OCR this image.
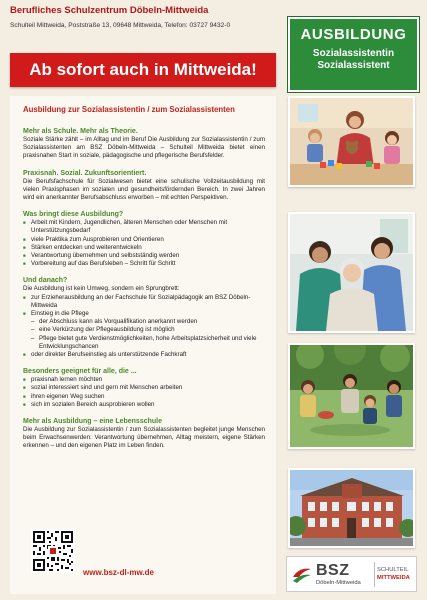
Berufliches Schulzentrum Döbeln-Mittweida
Schulteil Mittweida, Poststraße 13, 09648 Mittweida, Telefon: 03727 9432-0
Ab sofort auch in Mittweida!
AUSBILDUNG
Sozialassistentin
Sozialassistent
Ausbildung zur Sozialassistentin / zum Sozialassistenten
Mehr als Schule. Mehr als Theorie.
Soziale Stärke zählt – im Alltag und im Beruf Die Ausbildung zur Sozialassistentin / zum Sozialassistenten am BSZ Döbeln-Mittweida – Schulteil Mittweida bietet einen praxisnahen Start in soziale, pädagogische und pflegerische Berufsfelder.
Praxisnah. Sozial. Zukunftsorientiert.
Die Berufsfachschule für Sozialwesen bietet eine schulische Vollzeitausbildung mit vielen Praxisphasen im sozialen und gesundheitsfördernden Bereich. In zwei Jahren wird ein anerkannter Berufsabschluss erworben – mit echten Perspektiven.
Was bringt diese Ausbildung?
■ Arbeit mit Kindern, Jugendlichen, älteren Menschen oder Menschen mit Unterstützungsbedarf
■ viele Praktika zum Ausprobieren und Orientieren
■ Stärken entdecken und weiterentwickeln
■ Verantwortung übernehmen und selbstständig werden
■ Vorbereitung auf das Berufsleben – Schritt für Schritt
Und danach?
Die Ausbildung ist kein Umweg, sondern ein Sprungbrett:
■ zur Erzieherausbildung an der Fachschule für Sozialpädagogik am BSZ Döbeln-Mittweida
■ Einstieg in die Pflege
– der Abschluss kann als Vorqualifikation anerkannt werden
– eine Verkürzung der Pflegeausbildung ist möglich
– Pflege bietet gute Verdienstmöglichkeiten, hohe Arbeitsplatzsicherheit und viele Entwicklungschancen
■ oder direkter Berufseinstieg als unterstützende Fachkraft
Besonders geeignet für alle, die ...
■ praxisnah lernen möchten
■ sozial interessiert sind und gern mit Menschen arbeiten
■ ihren eigenen Weg suchen
■ sich im sozialen Bereich ausprobieren wollen
Mehr als Ausbildung – eine Lebensschule
Die Ausbildung zur Sozialassistentin / zum Sozialassistenten begleitet junge Menschen beim Erwachsenwerden: Verantwortung übernehmen, Alltag meistern, eigene Stärken erkennen – und den eigenen Platz im Leben finden.
www.bsz-dl-mw.de	BSZ
Döbeln-Mittweida
SCHULTEIL
MITTWEIDA
